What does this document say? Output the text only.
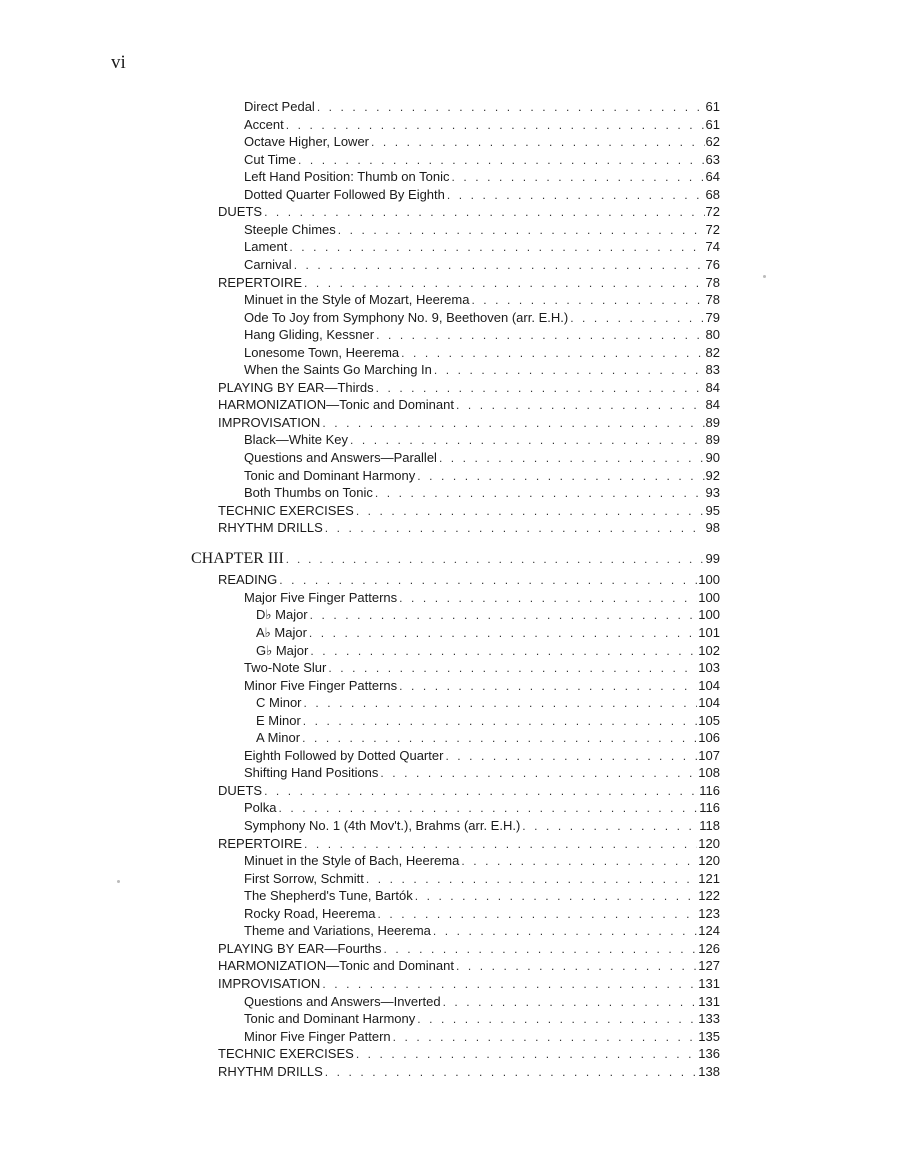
vi
Direct Pedal . . .	61
Accent . . .	61
Octave Higher, Lower . . .	62
Cut Time . . .	63
Left Hand Position: Thumb on Tonic . . .	64
Dotted Quarter Followed By Eighth . . .	68
DUETS . . .	72
Steeple Chimes . . .	72
Lament . . .	74
Carnival . . .	76
REPERTOIRE . . .	78
Minuet in the Style of Mozart, Heerema . . .	78
Ode To Joy from Symphony No. 9, Beethoven (arr. E.H.) . . .	79
Hang Gliding, Kessner . . .	80
Lonesome Town, Heerema . . .	82
When the Saints Go Marching In . . .	83
PLAYING BY EAR—Thirds . . .	84
HARMONIZATION—Tonic and Dominant . . .	84
IMPROVISATION . . .	89
Black—White Key . . .	89
Questions and Answers—Parallel . . .	90
Tonic and Dominant Harmony . . .	92
Both Thumbs on Tonic . . .	93
TECHNIC EXERCISES . . .	95
RHYTHM DRILLS . . .	98
CHAPTER III . . .	99
READING . . .	100
Major Five Finger Patterns . . .	100
D♭ Major . . .	100
A♭ Major . . .	101
G♭ Major . . .	102
Two-Note Slur . . .	103
Minor Five Finger Patterns . . .	104
C Minor . . .	104
E Minor . . .	105
A Minor . . .	106
Eighth Followed by Dotted Quarter . . .	107
Shifting Hand Positions . . .	108
DUETS . . .	116
Polka . . .	116
Symphony No. 1 (4th Mov't.), Brahms (arr. E.H.) . . .	118
REPERTOIRE . . .	120
Minuet in the Style of Bach, Heerema . . .	120
First Sorrow, Schmitt . . .	121
The Shepherd's Tune, Bartók . . .	122
Rocky Road, Heerema . . .	123
Theme and Variations, Heerema . . .	124
PLAYING BY EAR—Fourths . . .	126
HARMONIZATION—Tonic and Dominant . . .	127
IMPROVISATION . . .	131
Questions and Answers—Inverted . . .	131
Tonic and Dominant Harmony . . .	133
Minor Five Finger Pattern . . .	135
TECHNIC EXERCISES . . .	136
RHYTHM DRILLS . . .	138
